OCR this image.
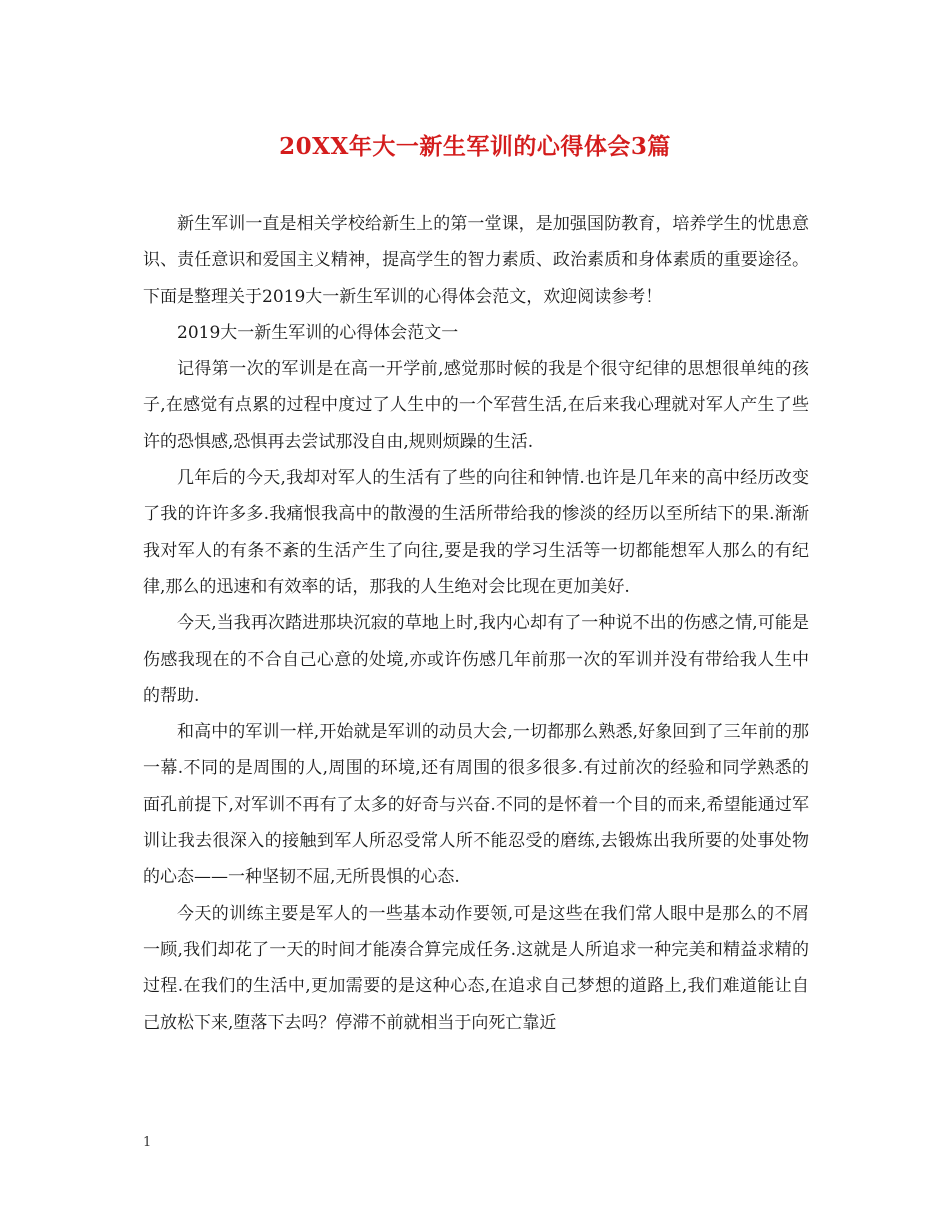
20XX年大一新生军训的心得体会3篇

新生军训一直是相关学校给新生上的第一堂课，是加强国防教育，培养学生的忧患意识、责任意识和爱国主义精神，提高学生的智力素质、政治素质和身体素质的重要途径。下面是整理关于2019大一新生军训的心得体会范文，欢迎阅读参考！

2019大一新生军训的心得体会范文一

记得第一次的军训是在高一开学前,感觉那时候的我是个很守纪律的思想很单纯的孩子,在感觉有点累的过程中度过了人生中的一个军营生活,在后来我心理就对军人产生了些许的恐惧感,恐惧再去尝试那没自由,规则烦躁的生活.

几年后的今天,我却对军人的生活有了些的向往和钟情.也许是几年来的高中经历改变了我的许许多多.我痛恨我高中的散漫的生活所带给我的惨淡的经历以至所结下的果.渐渐我对军人的有条不紊的生活产生了向往,要是我的学习生活等一切都能想军人那么的有纪律,那么的迅速和有效率的话，那我的人生绝对会比现在更加美好.

今天,当我再次踏进那块沉寂的草地上时,我内心却有了一种说不出的伤感之情,可能是伤感我现在的不合自己心意的处境,亦或许伤感几年前那一次的军训并没有带给我人生中的帮助.

和高中的军训一样,开始就是军训的动员大会,一切都那么熟悉,好象回到了三年前的那一幕.不同的是周围的人,周围的环境,还有周围的很多很多.有过前次的经验和同学熟悉的面孔前提下,对军训不再有了太多的好奇与兴奋.不同的是怀着一个目的而来,希望能通过军训让我去很深入的接触到军人所忍受常人所不能忍受的磨练,去锻炼出我所要的处事处物的心态——一种坚韧不屈,无所畏惧的心态.

今天的训练主要是军人的一些基本动作要领,可是这些在我们常人眼中是那么的不屑一顾,我们却花了一天的时间才能凑合算完成任务.这就是人所追求一种完美和精益求精的过程.在我们的生活中,更加需要的是这种心态,在追求自己梦想的道路上,我们难道能让自己放松下来,堕落下去吗？停滞不前就相当于向死亡靠近

1
